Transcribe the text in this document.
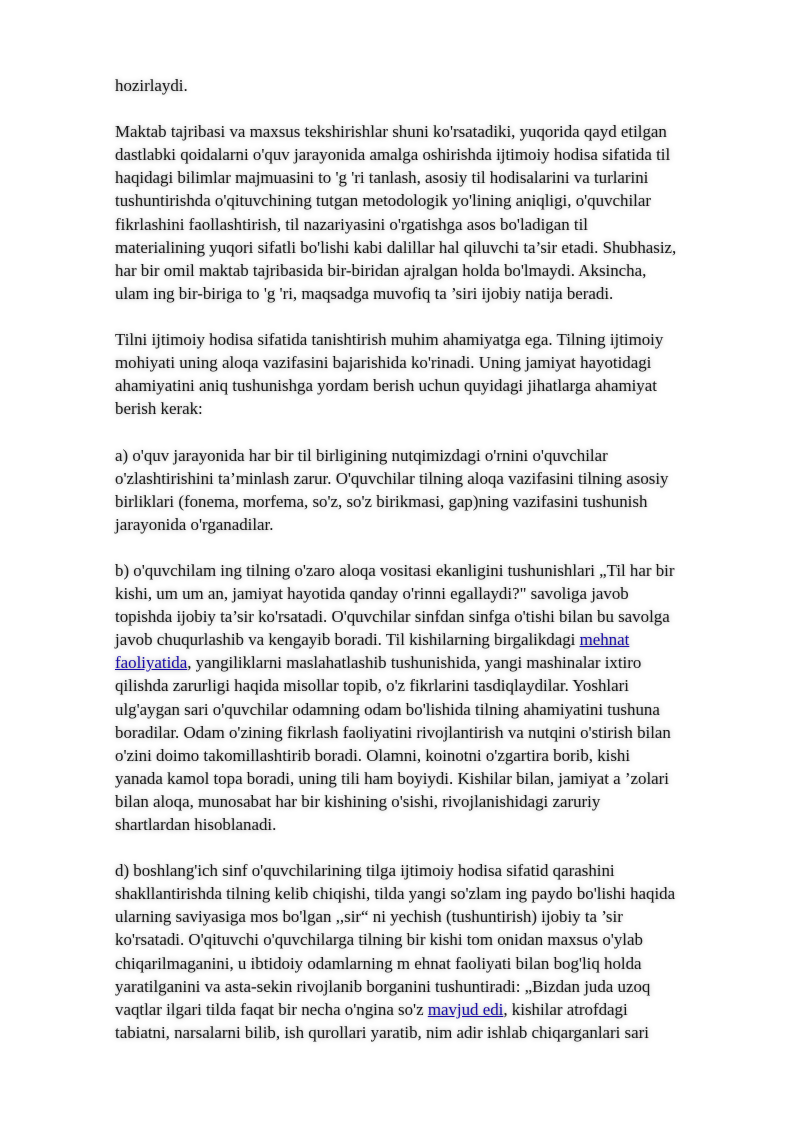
hozirlaydi.
Maktab tajribasi va maxsus tekshirishlar shuni ko'rsatadiki, yuqorida qayd etilgan
dastlabki qoidalarni o'quv jarayonida amalga oshirishda ijtimoiy hodisa sifatida til
haqidagi bilimlar majmuasini to 'g 'ri tanlash, asosiy til hodisalarini va turlarini
tushuntirishda o'qituvchining tutgan metodologik yo'lining aniqligi, o'quvchilar
fikrlashini faollashtirish, til nazariyasini o'rgatishga asos bo'ladigan til
materialining yuqori sifatli bo'lishi kabi dalillar hal qiluvchi ta’sir etadi. Shubhasiz,
har bir omil maktab tajribasida bir-biridan ajralgan holda bo'lmaydi. Aksincha,
ulam ing bir-biriga to 'g 'ri, maqsadga muvofiq ta ’siri ijobiy natija beradi.
Tilni ijtimoiy hodisa sifatida tanishtirish muhim ahamiyatga ega. Tilning ijtimoiy
mohiyati uning aloqa vazifasini bajarishida ko'rinadi. Uning jamiyat hayotidagi
ahamiyatini aniq tushunishga yordam berish uchun quyidagi jihatlarga ahamiyat
berish kerak:
a) o'quv jarayonida har bir til birligining nutqimizdagi o'rnini o'quvchilar
o'zlashtirishini ta’minlash zarur. O'quvchilar tilning aloqa vazifasini tilning asosiy
birliklari (fonema, morfema, so'z, so'z birikmasi, gap)ning vazifasini tushunish
jarayonida o'rganadilar.
b) o'quvchilam ing tilning o'zaro aloqa vositasi ekanligini tushunishlari „Til har bir
kishi, um um an, jamiyat hayotida qanday o'rinni egallaydi?" savoliga javob
topishda ijobiy ta’sir ko'rsatadi. O'quvchilar sinfdan sinfga o'tishi bilan bu savolga
javob chuqurlashib va kengayib boradi. Til kishilarning birgalikdagi mehnat
faoliyatida, yangiliklarni maslahatlashib tushunishida, yangi mashinalar ixtiro
qilishda zarurligi haqida misollar topib, o'z fikrlarini tasdiqlaydilar. Yoshlari
ulg'aygan sari o'quvchilar odamning odam bo'lishida tilning ahamiyatini tushuna
boradilar. Odam o'zining fikrlash faoliyatini rivojlantirish va nutqini o'stirish bilan
o'zini doimo takomillashtirib boradi. Olamni, koinotni o'zgartira borib, kishi
yanada kamol topa boradi, uning tili ham boyiydi. Kishilar bilan, jamiyat a ’zolari
bilan aloqa, munosabat har bir kishining o'sishi, rivojlanishidagi zaruriy
shartlardan hisoblanadi.
d) boshlang'ich sinf o'quvchilarining tilga ijtimoiy hodisa sifatid qarashini
shakllantirishda tilning kelib chiqishi, tilda yangi so'zlam ing paydo bo'lishi haqida
ularning saviyasiga mos bo'lgan ,,sir“ ni yechish (tushuntirish) ijobiy ta ’sir
ko'rsatadi. O'qituvchi o'quvchilarga tilning bir kishi tom onidan maxsus o'ylab
chiqarilmaganini, u ibtidoiy odamlarning m ehnat faoliyati bilan bog'liq holda
yaratilganini va asta-sekin rivojlanib borganini tushuntiradi: „Bizdan juda uzoq
vaqtlar ilgari tilda faqat bir necha o'ngina so'z mavjud edi, kishilar atrofdagi
tabiatni, narsalarni bilib, ish qurollari yaratib, nim adir ishlab chiqarganlari sari
